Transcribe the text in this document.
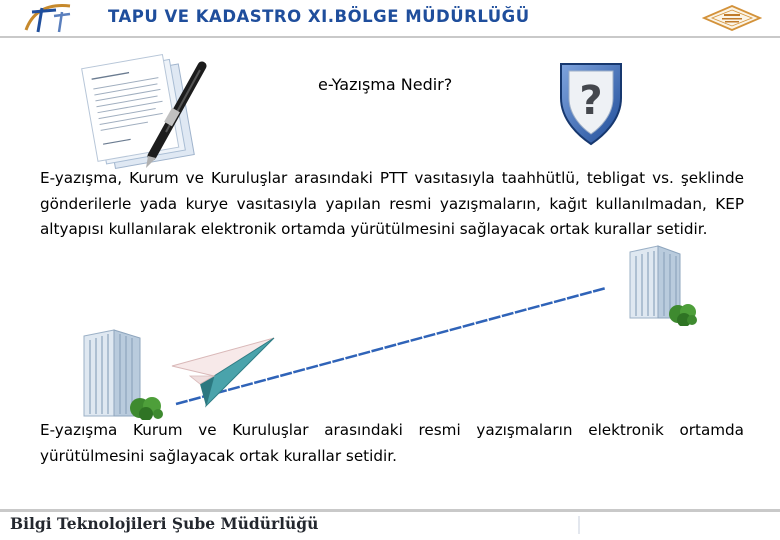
TAPU VE KADASTRO XI.BÖLGE MÜDÜRLÜĞÜ
e-Yazışma Nedir?	?

E-yazışma, Kurum ve Kuruluşlar arasındaki PTT vasıtasıyla taahhütlü, tebligat vs. şeklinde gönderilerle yada kurye vasıtasıyla yapılan resmi yazışmaların, kağıt kullanılmadan, KEP altyapısı kullanılarak elektronik ortamda yürütülmesini sağlayacak ortak kurallar setidir.

E-yazışma Kurum ve Kuruluşlar arasındaki resmi yazışmaların elektronik ortamda yürütülmesini sağlayacak ortak kurallar setidir.

Bilgi Teknolojileri Şube Müdürlüğü
